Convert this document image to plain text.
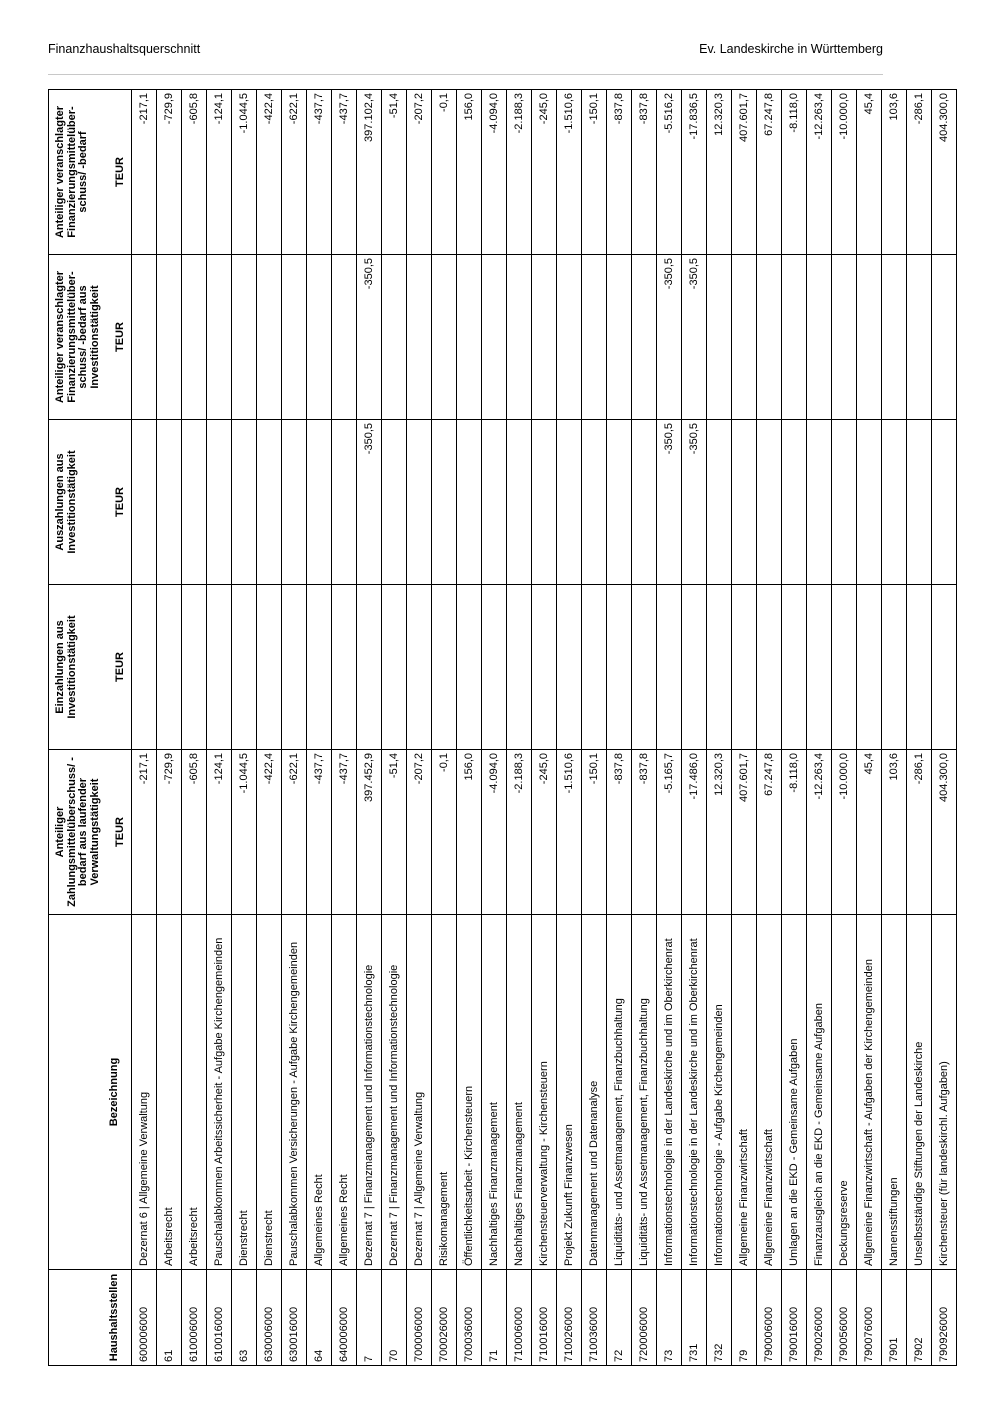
Finanzhaushaltsquerschnitt	Ev. Landeskirche in Württemberg
Haushaltsstellen	Bezeichnung	Anteiliger Zahlungsmittelüberschuss/ -bedarf aus laufender Verwaltungstätigkeit	Einzahlungen aus Investitionstätigkeit	Auszahlungen aus Investitionstätigkeit	Anteiliger veranschlagter Finanzierungsmittelüber-schuss/ -bedarf aus Investitionstätigkeit	Anteiliger veranschlagter Finanzierungsmittelüber-schuss/ -bedarf
		TEUR	TEUR	TEUR	TEUR	TEUR
600006000	Dezernat 6 | Allgemeine Verwaltung	-217,1				-217,1
61	Arbeitsrecht	-729,9				-729,9
610006000	Arbeitsrecht	-605,8				-605,8
610016000	Pauschalabkommen Arbeitssicherheit - Aufgabe Kirchengemeinden	-124,1				-124,1
63	Dienstrecht	-1.044,5				-1.044,5
630006000	Dienstrecht	-422,4				-422,4
630016000	Pauschalabkommen Versicherungen - Aufgabe Kirchengemeinden	-622,1				-622,1
64	Allgemeines Recht	-437,7				-437,7
640006000	Allgemeines Recht	-437,7				-437,7
7	Dezernat 7 | Finanzmanagement und Informationstechnologie	397.452,9		-350,5	-350,5	397.102,4
70	Dezernat 7 | Finanzmanagement und Informationstechnologie	-51,4				-51,4
700006000	Dezernat 7 | Allgemeine Verwaltung	-207,2				-207,2
700026000	Risikomanagement	-0,1				-0,1
700036000	Öffentlichkeitsarbeit - Kirchensteuern	156,0				156,0
71	Nachhaltiges Finanzmanagement	-4.094,0				-4.094,0
710006000	Nachhaltiges Finanzmanagement	-2.188,3				-2.188,3
710016000	Kirchensteuerverwaltung - Kirchensteuern	-245,0				-245,0
710026000	Projekt Zukunft Finanzwesen	-1.510,6				-1.510,6
710036000	Datenmanagement und Datenanalyse	-150,1				-150,1
72	Liquiditäts- und Assetmanagement, Finanzbuchhaltung	-837,8				-837,8
720006000	Liquiditäts- und Assetmanagement, Finanzbuchhaltung	-837,8				-837,8
73	Informationstechnologie in der Landeskirche und im Oberkirchenrat	-5.165,7		-350,5	-350,5	-5.516,2
731	Informationstechnologie in der Landeskirche und im Oberkirchenrat	-17.486,0		-350,5	-350,5	-17.836,5
732	Informationstechnologie - Aufgabe Kirchengemeinden	12.320,3				12.320,3
79	Allgemeine Finanzwirtschaft	407.601,7				407.601,7
790006000	Allgemeine Finanzwirtschaft	67.247,8				67.247,8
790016000	Umlagen an die EKD - Gemeinsame Aufgaben	-8.118,0				-8.118,0
790026000	Finanzausgleich an die EKD - Gemeinsame Aufgaben	-12.263,4				-12.263,4
790056000	Deckungsreserve	-10.000,0				-10.000,0
790076000	Allgemeine Finanzwirtschaft - Aufgaben der Kirchengemeinden	45,4				45,4
7901	Namensstiftungen	103,6				103,6
7902	Unselbstständige Stiftungen der Landeskirche	-286,1				-286,1
790926000	Kirchensteuer (für landeskirchl. Aufgaben)	404.300,0				404.300,0
